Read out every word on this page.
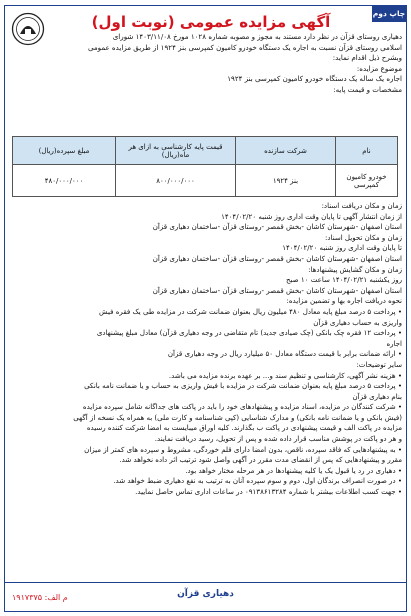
چاپ دوم
آگهی مزایده عمومی (نوبت اول)

دهیاری روستای قزآن در نظر دارد مستند به مجوز و مصوبه شماره ۱۰۲۸ مورخ ۱۴۰۳/۱۱/۰۸ شورای

اسلامی روستای قزآن نسبت به اجاره یک دستگاه خودرو کامیون کمپرسی بنز ۱۹۲۴ از طریق مزایده عمومی

وبشرح ذیل اقدام نماید:

موضوع مزایده:

اجاره یک ساله یک دستگاه خودرو کامیون کمپرسی بنز ۱۹۲۴

مشخصات و قیمت پایه:

نام	شرکت سازنده	قیمت پایه کارشناسی به ازای هر ماه(ریال)	مبلغ سپرده(ریال)
خودرو کامیون کمپرسی	بنز ۱۹۲۴	۸۰۰/۰۰۰/۰۰۰	۴۸۰/۰۰۰/۰۰۰

زمان و مکان دریافت اسناد:

از زمان انتشار آگهی تا پایان وقت اداری روز شنبه ۱۴۰۴/۰۲/۲۰

استان اصفهان -شهرستان کاشان -بخش قمصر -روستای قزآن -ساختمان دهیاری قزآن

زمان و مکان تحویل اسناد:

تا پایان وقت اداری روز شنبه ۱۴۰۴/۰۲/۲۰

استان اصفهان -شهرستان کاشان -بخش قمصر -روستای قزآن -ساختمان دهیاری قزآن

زمان و مکان گشایش پیشنهادها:

روز یکشنبه ۱۴۰۴/۰۲/۲۱ ساعت ۱۰ صبح

استان اصفهان -شهرستان کاشان -بخش قمصر -روستای قزآن -ساختمان دهیاری قزآن

نحوه دریافت اجاره بها و تضمین مزایده:

• پرداخت ۵ درصد مبلغ پایه معادل ۴۸۰ میلیون ریال بعنوان ضمانت شرکت در مزایده طی یک فقره فیش

واریزی به حساب دهیاری قزآن

• پرداخت ۱۲ فقره چک بانکی (چک صیادی جدید) تام متقاضی در وجه دهیاری قزآن) معادل مبلغ پیشنهادی

اجاره

• ارائه ضمانت برابر با قیمت دستگاه معادل ۵۰ میلیارد ریال در وجه دهیاری قزآن

سایر توضیحات:

• هزینه نشر آگهی، کارشناسی و تنظیم سند و... بر عهده برنده مزایده می باشد.

• پرداخت ۵ درصد مبلغ پایه بعنوان ضمانت شرکت در مزایده با فیش واریزی به حساب و یا ضمانت نامه بانکی

بنام دهیاری قزآن

• شرکت کنندگان در مزایده، اسناد مزایده و پیشنهادهای خود را باید در پاکت های جداگانه شامل سپرده مزایده

(فیش بانکی و یا ضمانت نامه بانکی) و مدارک شناسایی (کپی شناسنامه و کارت ملی) به همراه یک نسخه از آگهی

مزایده در پاکت الف و قیمت پیشنهادی در پاکت ب بگذارند. کلیه اوراق میبایست به امضا شرکت کننده رسیده

و هر دو پاکت در پوشش مناسب قرار داده شده و پس از تحویل، رسید دریافت نمایند.

• به پیشنهادهایی که فاقد سپرده، ناقص، بدون امضا دارای قلم خوردگی، مشروط و سپرده های کمتر از میزان

مقرر و پیشنهادهایی که پس از انقضای مدت مقرر در آگهی واصل شود ترتیب اثر داده نخواهد شد.

• دهیاری در رد یا قبول یک یا کلیه پیشنهادها در هر مرحله مختار خواهد بود.

• در صورت انصراف برندگان اول، دوم و سوم سپرده آنان به ترتیب به نفع دهیاری ضبط خواهد شد.

• جهت کسب اطلاعات بیشتر با شماره ۰۹۱۳۸۶۱۳۲۸۴ در ساعات اداری تماس حاصل نمایید.

دهیاری قزآن
م الف: ۱۹۱۷۳۷۵
